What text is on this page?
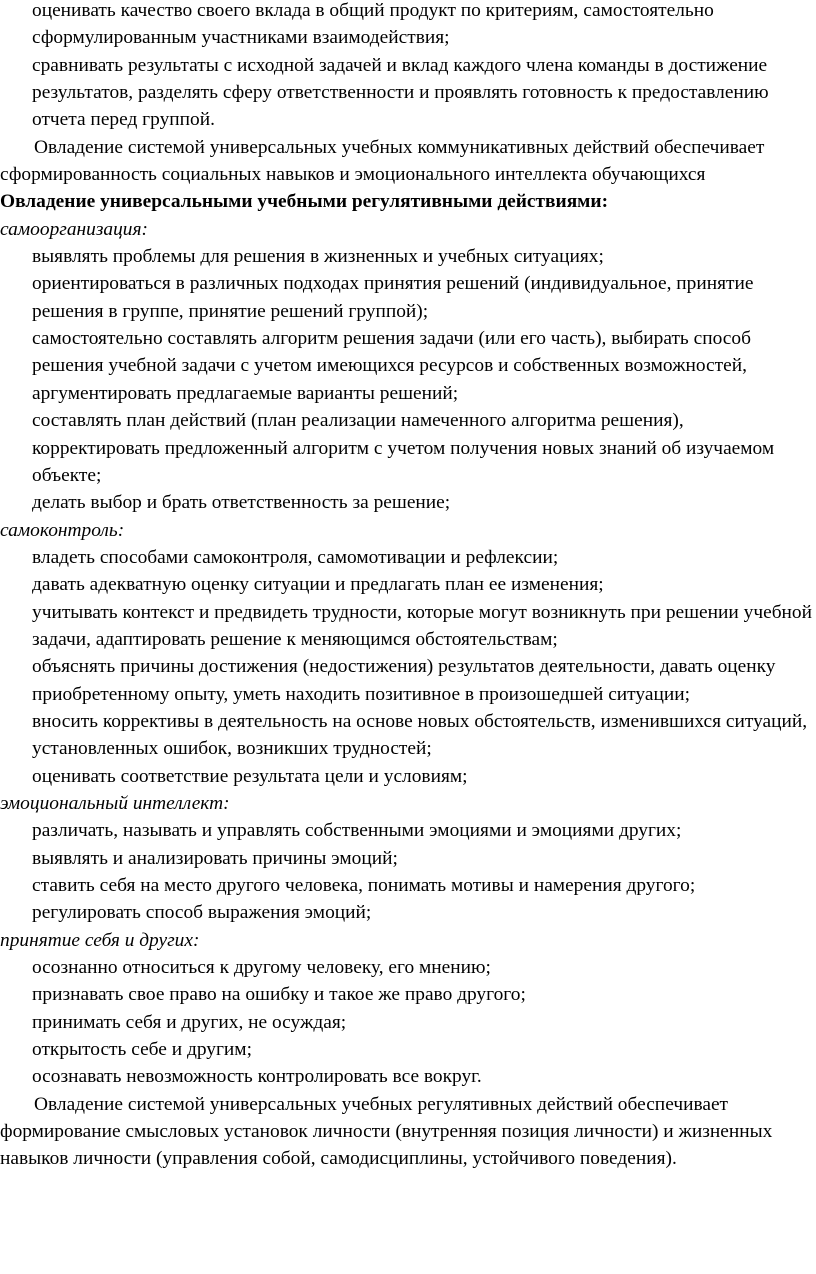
оценивать качество своего вклада в общий продукт по критериям, самостоятельно сформулированным участниками взаимодействия;
сравнивать результаты с исходной задачей и вклад каждого члена команды в достижение результатов, разделять сферу ответственности и проявлять готовность к предоставлению отчета перед группой.
Овладение системой универсальных учебных коммуникативных действий обеспечивает сформированность социальных навыков и эмоционального интеллекта обучающихся
Овладение универсальными учебными регулятивными действиями:
самоорганизация:
выявлять проблемы для решения в жизненных и учебных ситуациях;
ориентироваться в различных подходах принятия решений (индивидуальное, принятие решения в группе, принятие решений группой);
самостоятельно составлять алгоритм решения задачи (или его часть), выбирать способ решения учебной задачи с учетом имеющихся ресурсов и собственных возможностей, аргументировать предлагаемые варианты решений;
составлять план действий (план реализации намеченного алгоритма решения), корректировать предложенный алгоритм с учетом получения новых знаний об изучаемом объекте;
делать выбор и брать ответственность за решение;
самоконтроль:
владеть способами самоконтроля, самомотивации и рефлексии;
давать адекватную оценку ситуации и предлагать план ее изменения;
учитывать контекст и предвидеть трудности, которые могут возникнуть при решении учебной задачи, адаптировать решение к меняющимся обстоятельствам;
объяснять причины достижения (недостижения) результатов деятельности, давать оценку приобретенному опыту, уметь находить позитивное в произошедшей ситуации;
вносить коррективы в деятельность на основе новых обстоятельств, изменившихся ситуаций, установленных ошибок, возникших трудностей;
оценивать соответствие результата цели и условиям;
эмоциональный интеллект:
различать, называть и управлять собственными эмоциями и эмоциями других;
выявлять и анализировать причины эмоций;
ставить себя на место другого человека, понимать мотивы и намерения другого;
регулировать способ выражения эмоций;
принятие себя и других:
осознанно относиться к другому человеку, его мнению;
признавать свое право на ошибку и такое же право другого;
принимать себя и других, не осуждая;
открытость себе и другим;
осознавать невозможность контролировать все вокруг.
Овладение системой универсальных учебных регулятивных действий обеспечивает формирование смысловых установок личности (внутренняя позиция личности) и жизненных навыков личности (управления собой, самодисциплины, устойчивого поведения).
